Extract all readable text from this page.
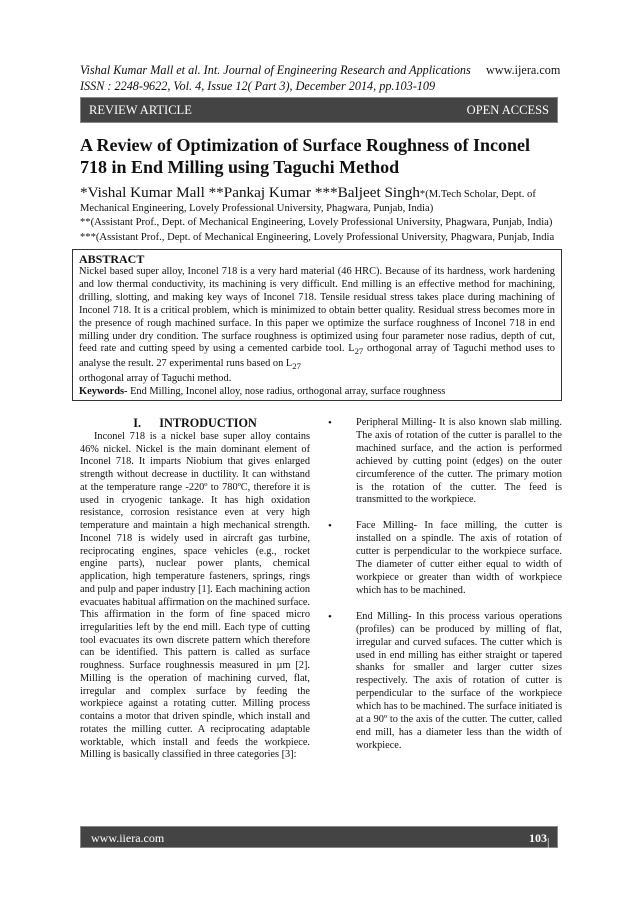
Vishal Kumar Mall et al. Int. Journal of Engineering Research and Applications
ISSN : 2248-9622, Vol. 4, Issue 12( Part 3), December 2014, pp.103-109
www.ijera.com
REVIEW ARTICLE	OPEN ACCESS
A Review of Optimization of Surface Roughness of Inconel 718 in End Milling using Taguchi Method
*Vishal Kumar Mall **Pankaj Kumar ***Baljeet Singh*(M.Tech Scholar, Dept. of
Mechanical Engineering, Lovely Professional University, Phagwara, Punjab, India)
**(Assistant Prof., Dept. of Mechanical Engineering, Lovely Professional University, Phagwara, Punjab, India)
***(Assistant Prof., Dept. of Mechanical Engineering, Lovely Professional University, Phagwara, Punjab, India
ABSTRACT

Nickel based super alloy, Inconel 718 is a very hard material (46 HRC). Because of its hardness, work hardening and low thermal conductivity, its machining is very difficult. End milling is an effective method for machining, drilling, slotting, and making key ways of Inconel 718. Tensile residual stress takes place during machining of Inconel 718. It is a critical problem, which is minimized to obtain better quality. Residual stress becomes more in the presence of rough machined surface. In this paper we optimize the surface roughness of Inconel 718 in end milling under dry condition. The surface roughness is optimized using four parameter nose radius, depth of cut, feed rate and cutting speed by using a cemented carbide tool. $L_{27}$ orthogonal array of Taguchi method uses to analyse the result. 27 experimental runs based on $L_{27}$
orthogonal array of Taguchi method.

Keywords- End Milling, Inconel alloy, nose radius, orthogonal array, surface roughness

I.      INTRODUCTION

Inconel 718 is a nickel base super alloy contains 46% nickel. Nickel is the main dominant element of Inconel 718. It imparts Niobium that gives enlarged strength without decrease in ductility. It can withstand at the temperature range -220º to 780ºC, therefore it is used in cryogenic tankage. It has high oxidation resistance, corrosion resistance even at very high temperature and maintain a high mechanical strength. Inconel 718 is widely used in aircraft gas turbine, reciprocating engines, space vehicles (e.g., rocket engine parts), nuclear power plants, chemical application, high temperature fasteners, springs, rings and pulp and paper industry [1]. Each machining action evacuates habitual affirmation on the machined surface. This affirmation in the form of fine spaced micro irregularities left by the end mill. Each type of cutting tool evacuates its own discrete pattern which therefore can be identified. This pattern is called as surface roughness. Surface roughnessis measured in µm [2]. Milling is the operation of machining curved, flat, irregular and complex surface by feeding the workpiece against a rotating cutter. Milling process contains a motor that driven spindle, which install and rotates the milling cutter. A reciprocating adaptable worktable, which install and feeds the workpiece. Milling is basically classified in three categories [3]:

• Peripheral Milling- It is also known slab milling. The axis of rotation of the cutter is parallel to the machined surface, and the action is performed achieved by cutting point (edges) on the outer circumference of the cutter. The primary motion is the rotation of the cutter. The feed is transmitted to the workpiece.
• Face Milling- In face milling, the cutter is installed on a spindle. The axis of rotation of cutter is perpendicular to the workpiece surface. The diameter of cutter either equal to width of workpiece or greater than width of workpiece which has to be machined.
• End Milling- In this process various operations (profiles) can be produced by milling of flat, irregular and curved sufaces. The cutter which is used in end milling has either straight or tapered shanks for smaller and larger cutter sizes respectively. The axis of rotation of cutter is perpendicular to the surface of the workpiece which has to be machined. The surface initiated is at a 90º to the axis of the cutter. The cutter, called end mill, has a diameter less than the width of workpiece.
www.iiera.com	103 | P a g e
